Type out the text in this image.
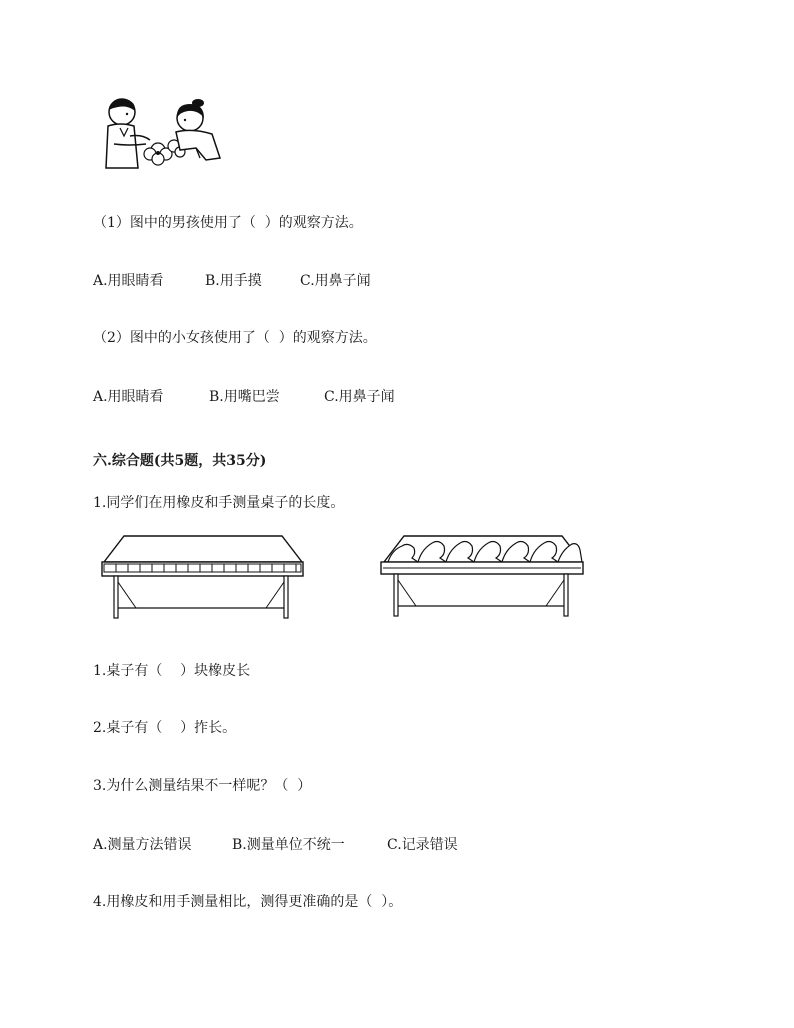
（1）图中的男孩使用了（  ）的观察方法。
A.用眼睛看	B.用手摸	C.用鼻子闻
（2）图中的小女孩使用了（  ）的观察方法。
A.用眼睛看	B.用嘴巴尝	C.用鼻子闻
六.综合题(共5题，共35分)
1.同学们在用橡皮和手测量桌子的长度。
1.桌子有（    ）块橡皮长
2.桌子有（    ）拃长。
3.为什么测量结果不一样呢？（  ）
A.测量方法错误	B.测量单位不统一	C.记录错误
4.用橡皮和用手测量相比，测得更准确的是（  ）。
